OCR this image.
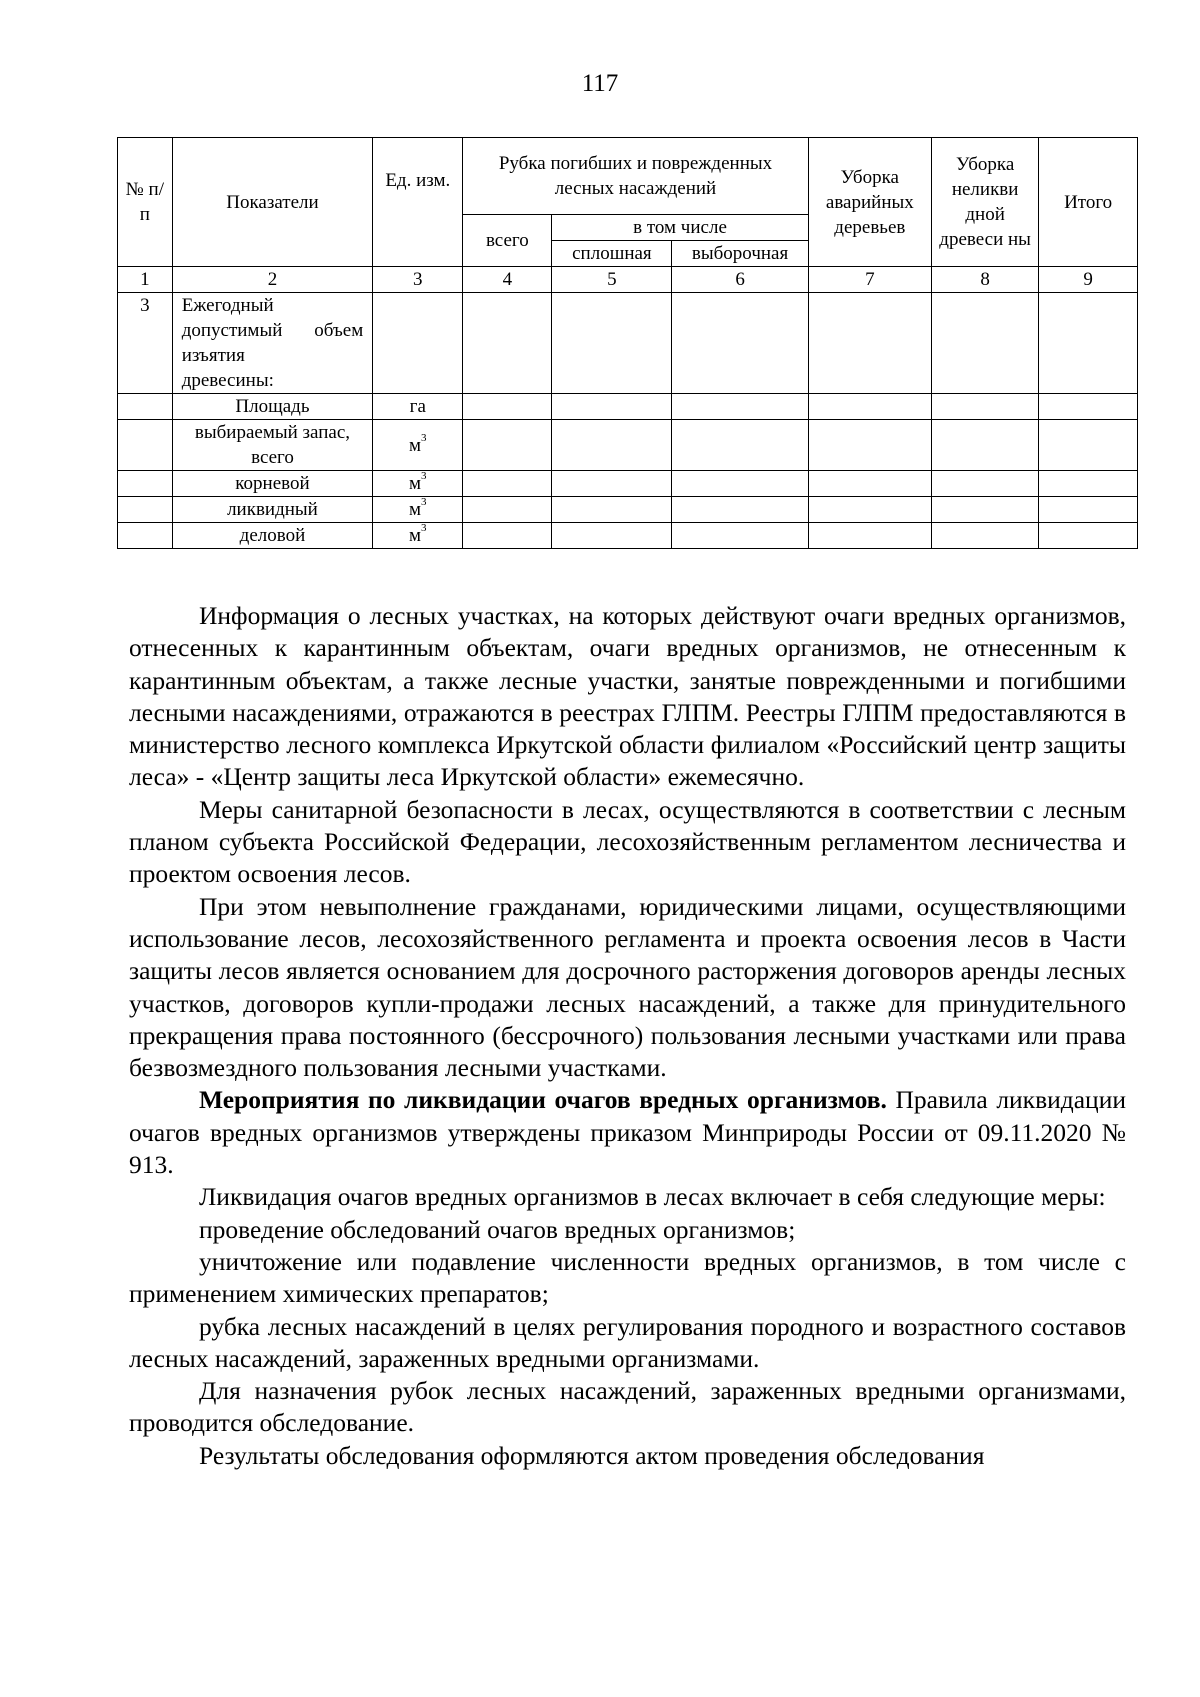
117
№ п/п	Показатели	Ед. изм.	Рубка погибших и поврежденных лесных насаждений			Уборка аварийных деревьев	Уборка неликви дной древеси ны	Итого
			всего	в том числе				
				сплошная	выборочная			
1	2	3	4	5	6	7	8	9
3	Ежегодный допустимый объем изъятия
древесины:							

	Площадь	га						
	выбираемый запас, всего	$м^3$						
	корневой	$м^3$						
	ликвидный	$м^3$						
	деловой	$м^3$						

Информация о лесных участках, на которых действуют очаги вредных организмов, отнесенных к карантинным объектам, очаги вредных организмов, не отнесенным к карантинным объектам, а также лесные участки, занятые поврежденными и погибшими лесными насаждениями, отражаются в реестрах ГЛПМ. Реестры ГЛПМ предоставляются в министерство лесного комплекса Иркутской области филиалом «Российский центр защиты леса» - «Центр защиты леса Иркутской области» ежемесячно.

Меры санитарной безопасности в лесах, осуществляются в соответствии с лесным планом субъекта Российской Федерации, лесохозяйственным регламентом лесничества и проектом освоения лесов.

При этом невыполнение гражданами, юридическими лицами, осуществляющими использование лесов, лесохозяйственного регламента и проекта освоения лесов в Части защиты лесов является основанием для досрочного расторжения договоров аренды лесных участков, договоров купли-продажи лесных насаждений, а также для принудительного прекращения права постоянного (бессрочного) пользования лесными участками или права безвозмездного пользования лесными участками.

Мероприятия по ликвидации очагов вредных организмов. Правила ликвидации очагов вредных организмов утверждены приказом Минприроды России от 09.11.2020 № 913.

Ликвидация очагов вредных организмов в лесах включает в себя следующие меры:

проведение обследований очагов вредных организмов;

уничтожение или подавление численности вредных организмов, в том числе с применением химических препаратов;

рубка лесных насаждений в целях регулирования породного и возрастного составов лесных насаждений, зараженных вредными организмами.

Для назначения рубок лесных насаждений, зараженных вредными организмами, проводится обследование.

Результаты обследования оформляются актом проведения обследования
